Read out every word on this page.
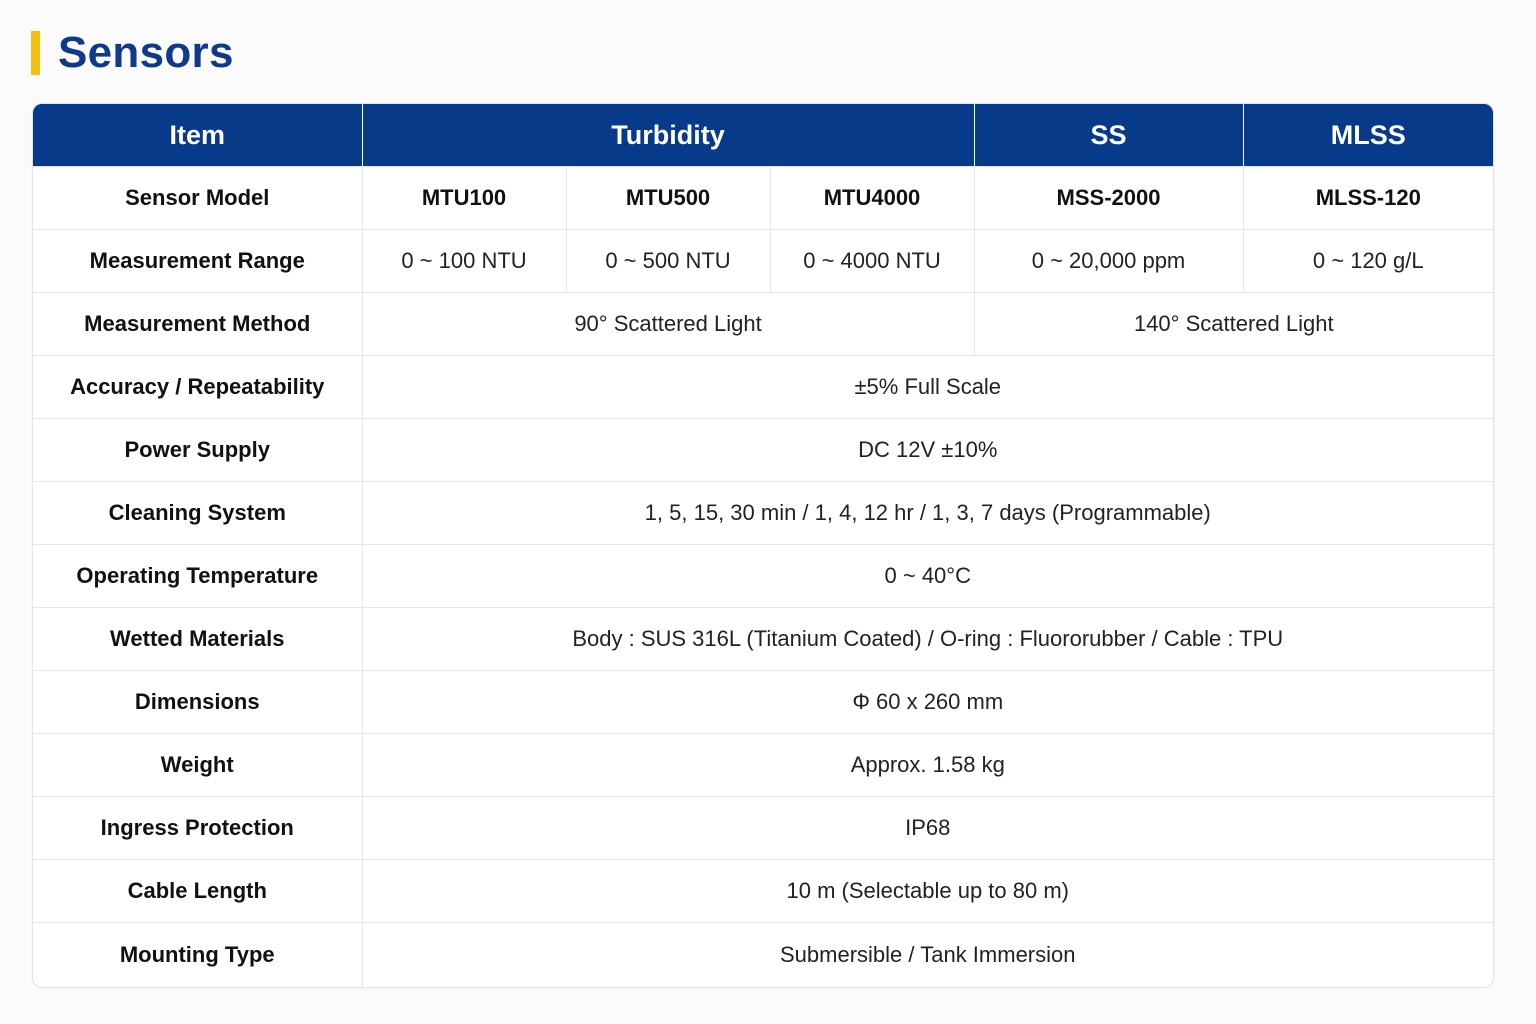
Sensors
Item	Turbidity			SS	MLSS
Sensor Model	MTU100	MTU500	MTU4000	MSS-2000	MLSS-120
Measurement Range	0 ~ 100 NTU	0 ~ 500 NTU	0 ~ 4000 NTU	0 ~ 20,000 ppm	0 ~ 120 g/L
Measurement Method	90° Scattered Light			140° Scattered Light	
Accuracy / Repeatability	±5% Full Scale				
Power Supply	DC 12V ±10%				
Cleaning System	1, 5, 15, 30 min / 1, 4, 12 hr / 1, 3, 7 days (Programmable)				
Operating Temperature	0 ~ 40°C				
Wetted Materials	Body : SUS 316L (Titanium Coated) / O-ring : Fluororubber / Cable : TPU				
Dimensions	Φ 60 x 260 mm				
Weight	Approx. 1.58 kg				
Ingress Protection	IP68				
Cable Length	10 m (Selectable up to 80 m)				
Mounting Type	Submersible / Tank Immersion				
